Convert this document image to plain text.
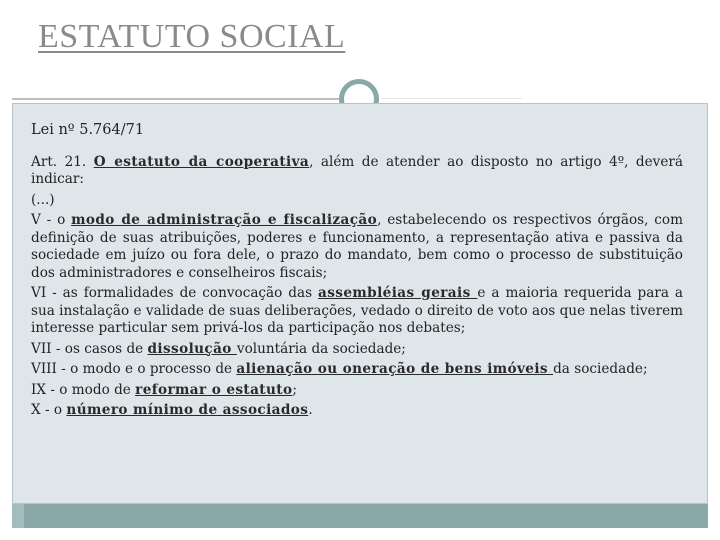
ESTATUTO SOCIAL
Lei nº 5.764/71

Art. 21. O estatuto da cooperativa, além de atender ao disposto no artigo 4º, deverá indicar:

(...)

V - o modo de administração e fiscalização, estabelecendo os respectivos órgãos, com definição de suas atribuições, poderes e funcionamento, a representação ativa e passiva da sociedade em juízo ou fora dele, o prazo do mandato, bem como o processo de substituição dos administradores e conselheiros fiscais;

VI - as formalidades de convocação das assembléias gerais e a maioria requerida para a sua instalação e validade de suas deliberações, vedado o direito de voto aos que nelas tiverem interesse particular sem privá-los da participação nos debates;

VII - os casos de dissolução voluntária da sociedade;

VIII - o modo e o processo de alienação ou oneração de bens imóveis da sociedade;

IX - o modo de reformar o estatuto;

X - o número mínimo de associados.
